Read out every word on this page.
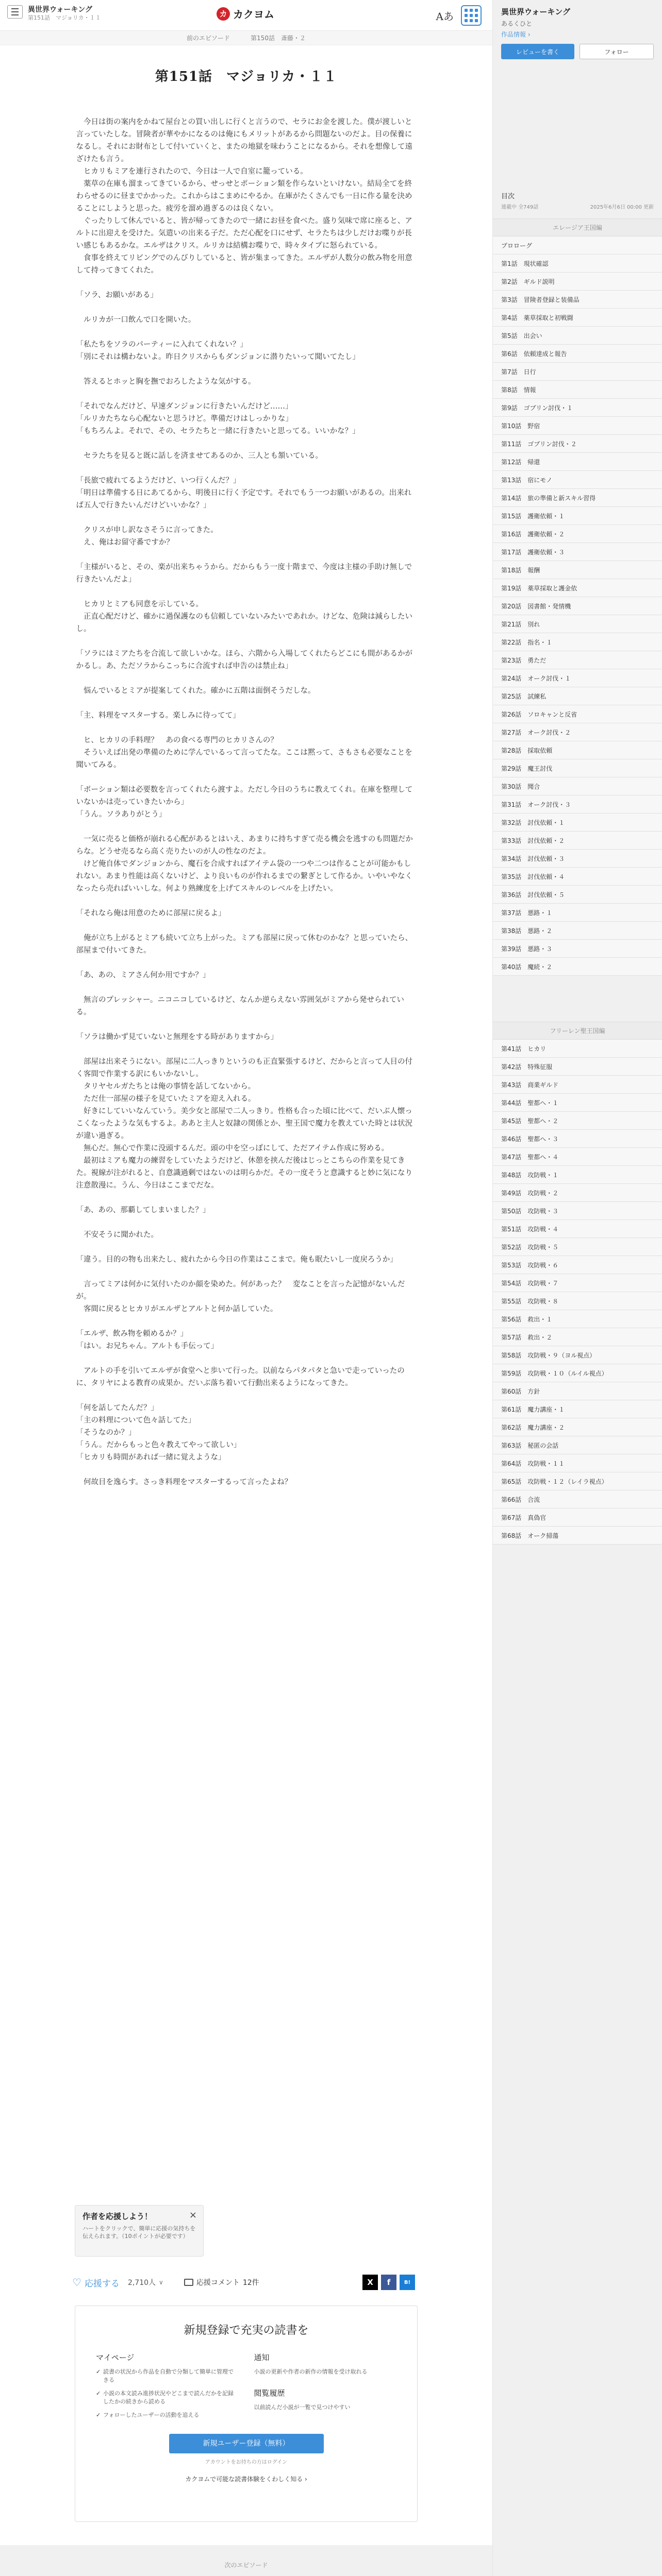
異世界ウォーキング
第151話　マジョリカ・１１	カ カクヨム	Aあ
前のエピソード	第150話　斎藤・２
第151話　マジョリカ・１１

　今日は街の案内をかねて屋台との買い出しに行くと言うので、セラにお金を渡した。僕が渡しいと言っていたしな。冒険者が華やかになるのは俺にもメリットがあるから問題ないのだよ。目の保養になるし。それにお財布として付いていくと、またの地獄を味わうことになるから。それを想像して遠ざけたも言う。

　ヒカリもミアを連行されたので、今日は一人で自室に籠っている。

　薬草の在庫も溜まってきているから、せっせとポーション類を作らないといけない。結局全てを終わらせるのに昼までかかった。これからはこまめにやるか。在庫がたくさんでも一日に作る量を決めることにしようと思った。疲労を溜め過ぎるのは良くない。

　ぐったりして休んでいると、皆が帰ってきたので一緒にお昼を食べた。盛り気味で席に座ると、アルトに出迎えを受けた。気遣いの出来る子だ。ただ心配を口にせず、セラたちは少しだけお喋りが長い感じもあるかな。エルザはクリス。ルリカは結構お喋りで、時々タイプに怒られている。

　食事を終えてリビングでのんびりしていると、皆が集まってきた。エルザが人数分の飲み物を用意して持ってきてくれた。

「ソラ、お願いがある」

　ルリカが一口飲んで口を開いた。

「私たちをソラのパーティーに入れてくれない？」

「別にそれは構わないよ。昨日クリスからもダンジョンに潜りたいって聞いてたし」

　答えるとホッと胸を撫でおろしたような気がする。

「それでなんだけど、早速ダンジョンに行きたいんだけど……」

「ルリカたちなら心配ないと思うけど。準備だけはしっかりな」

「もちろんよ。それで、その、セラたちと一緒に行きたいと思ってる。いいかな？」

　セラたちを見ると既に話しを済ませてあるのか、三人とも頷いている。

「長旅で疲れてるようだけど、いつ行くんだ？」

「明日は準備する日にあてるから、明後日に行く予定です。それでもう一つお願いがあるの。出来れば五人で行きたいんだけどいいかな？」

　クリスが申し訳なさそうに言ってきた。

　え、俺はお留守番ですか？

「主様がいると、その、楽が出来ちゃうから。だからもう一度十階まで、今度は主様の手助け無しで行きたいんだよ」

　ヒカリとミアも同意を示している。

　正直心配だけど、確かに過保護なのも信頼していないみたいであれか。けどな、危険は減らしたいし。

「ソラにはミアたちを合流して欲しいかな。ほら、六階から入場してくれたらどこにも間があるかがかるし。あ、ただソラからこっちに合流すれば申告のは禁止ね」

　悩んでいるとミアが提案してくれた。確かに五階は面倒そうだしな。

「主、料理をマスターする。楽しみに待ってて」

　ヒ、ヒカリの手料理？　あの食べる専門のヒカリさんの？

　そういえば出発の準備のために学んでいるって言ってたな。ここは黙って、さもさも必要なことを聞いてみる。

「ポーション類は必要数を言ってくれたら渡すよ。ただし今日のうちに教えてくれ。在庫を整理していないかは売っていきたいから」

「うん。ソラありがとう」

　一気に売ると価格が崩れる心配があるとはいえ、あまりに持ちすぎて売る機会を逃すのも問題だからな。どうせ売るなら高く売りたいのが人の性なのだよ。

　けど俺自体でダンジョンから、魔石を合成すればアイテム袋の一つや二つは作ることが可能かもしれない。あまり性能は高くないけど、より良いものが作れるまでの繋ぎとして作るか。いやいやなくなったら売ればいいしな。何より熟練度を上げてスキルのレベルを上げたい。

「それなら俺は用意のために部屋に戻るよ」

　俺が立ち上がるとミアも続いて立ち上がった。ミアも部屋に戻って休むのかな？と思っていたら、部屋まで付いてきた。

「あ、あの、ミアさん何か用ですか？」

　無言のプレッシャー。ニコニコしているけど、なんか逆らえない雰囲気がミアから発せられている。

「ソラは働かず見ていないと無理をする時がありますから」

　部屋は出来そうにない。部屋に二人っきりというのも正直緊張するけど、だからと言って人目の付く客間で作業する訳にもいかないし。

　タリヤセルガたちとは俺の事情を話してないから。

　ただ仕一部屋の様子を見ていたミアを迎え入れる。

　好きにしていいなんていう。美少女と部屋で二人っきり。性格も合った頃に比べて、だいぶ人懐っこくなったような気もするよ。ああと主人と奴隷の関係とか、聖王国で魔力を教えていた時とは状況が違い過ぎる。

　無心だ。無心で作業に没頭するんだ。頭の中を空っぽにして、ただアイテム作成に努める。

　最初はミアも魔力の練習をしていたようだけど、休憩を挟んだ後はじっとこちらの作業を見てきた。視線が注がれると、自意識過剰ではないのは明らかだ。その一度そうと意識すると妙に気になり注意散漫に。うん、今日はここまでだな。

「あ、あの、那覇してしまいました？」

　不安そうに聞かれた。

「違う。目的の物も出来たし、疲れたから今日の作業はここまで。俺も眠たいし一度戻ろうか」

　言ってミアは何かに気付いたのか顔を染めた。何があった？　変なことを言った記憶がないんだが。

　客間に戻るとヒカリがエルザとアルトと何か話していた。

「エルザ、飲み物を頼めるか？」

「はい。お兄ちゃん。アルトも手伝って」

　アルトの手を引いてエルザが食堂へと歩いて行った。以前ならパタパタと急いで走っていったのに、タリヤによる教育の成果か。だいぶ落ち着いて行動出来るようになってきた。

「何を話してたんだ？」

「主の料理について色々話してた」

「そうなのか？」

「うん。だからもっと色々教えてやって欲しい」

「ヒカリも時間があれば一緒に覚えような」

　何故目を逸らす。さっき料理をマスターするって言ったよね？

作者を応援しよう！
ハートをクリックで、簡単に応援の気持ちを伝えられます。（10ポイントが必要です）
×
♡ 応援する 2,710人 ∨	応援コメント 12件	X	f	B!
新規登録で充実の読書を
マイページ
✓ 読書の状況から作品を自動で分類して簡単に管理できる
✓ 小説の本文読み進捗状況やどこまで読んだかを記録したかの続きから読める
✓ フォローしたユーザーの活動を追える
通知

小説の更新や作者の新作の情報を受け取れる

閲覧履歴

以前読んだ小説が一覧で見つけやすい

新規ユーザー登録（無料）
アカウントをお持ちの方はログイン
カクヨムで可能な読書体験をくわしく知る ›
次のエピソード
異世界ウォーキング
あるくひと
作品情報 ›
レビューを書く	フォロー
目次
連載中 全749話	2025年6月6日 00:00 更新
エレージア王国編
プロローグ
第1話　現状確認
第2話　ギルド説明
第3話　冒険者登録と装備品
第4話　薬草採取と初戦闘
第5話　出会い
第6話　依頼達成と報告
第7話　日行
第8話　情報
第9話　ゴブリン討伐・１
第10話　野宿
第11話　ゴブリン討伐・２
第12話　帰還
第13話　宿にモノ
第14話　旅の準備と新スキル習得
第15話　護衛依頼・１
第16話　護衛依頼・２
第17話　護衛依頼・３
第18話　報酬
第19話　薬草採取と護金依
第20話　図書館・発情機
第21話　別れ
第22話　指名・１
第23話　勇ただ
第24話　オーク討伐・１
第25話　試練私
第26話　ソロキャンと反省
第27話　オーク討伐・２
第28話　採取依頼
第29話　魔王討伐
第30話　聞合
第31話　オーク討伐・３
第32話　討伐依頼・１
第33話　討伐依頼・２
第34話　討伐依頼・３
第35話　討伐依頼・４
第36話　討伐依頼・５
第37話　悪路・１
第38話　悪路・２
第39話　悪路・３
第40話　魔続・２
フリーレン聖王国編
第41話　ヒカリ
第42話　特殊征服
第43話　商業ギルド
第44話　聖都へ・１
第45話　聖都へ・２
第46話　聖都へ・３
第47話　聖都へ・４
第48話　攻防戦・１
第49話　攻防戦・２
第50話　攻防戦・３
第51話　攻防戦・４
第52話　攻防戦・５
第53話　攻防戦・６
第54話　攻防戦・７
第55話　攻防戦・８
第56話　救出・１
第57話　救出・２
第58話　攻防戦・９（ヨル視点）
第59話　攻防戦・１０（ルイル視点）
第60話　方針
第61話　魔力講座・１
第62話　魔力講座・２
第63話　秘匿の会話
第64話　攻防戦・１１
第65話　攻防戦・１２（レイラ視点）
第66話　合流
第67話　真偽官
第68話　オーク掃蕩
